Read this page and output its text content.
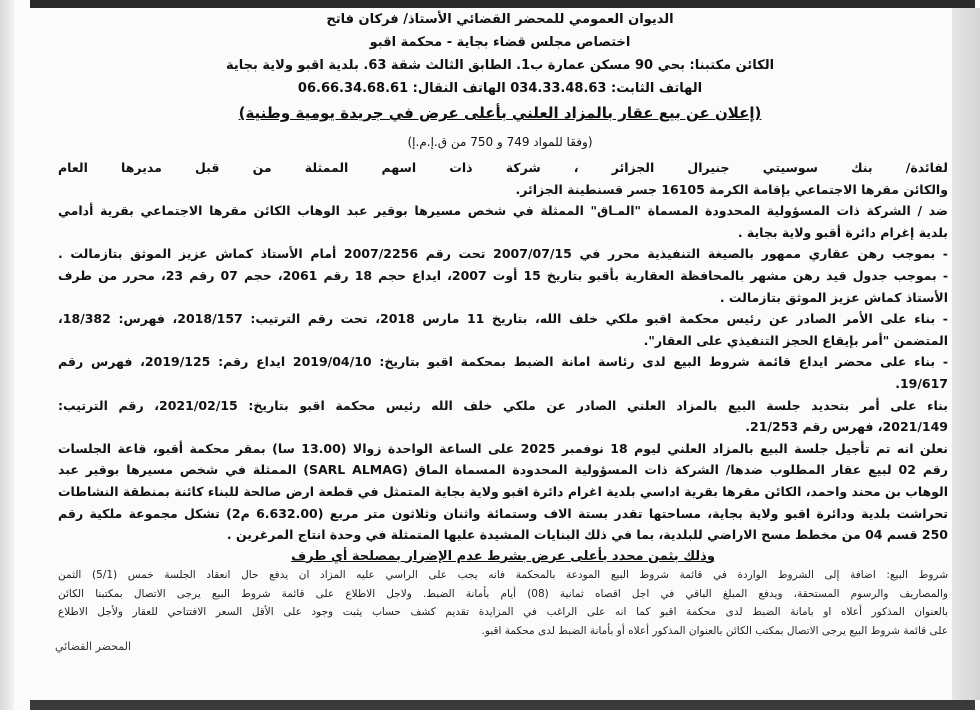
الديوان العمومي للمحضر القضائي الأستاذ/ فركان فاتح
اختصاص مجلس قضاء بجاية - محكمة اقبو
الكائن مكتبنا: بحي 90 مسكن عمارة ب1. الطابق الثالث شقة 63. بلدية اقبو ولاية بجاية
الهاتف الثابت: 034.33.48.63 الهاتف النقال: 06.66.34.68.61
(إعلان عن بيع عقار بالمزاد العلني بأعلى عرض في جريدة يومية وطنية)
(وفقا للمواد 749 و 750 من ق.إ.م.إ)
لفائدة/ بنك سوسيتي جنيرال الجزائر ، شركة ذات اسهم الممثلة من قبل مديرها العام
والكائن مقرها الاجتماعي بإقامة الكرمة 16105 جسر قسنطينة الجزائر.
ضد / الشركة ذات المسؤولية المحدودة المسماة "المـاق" الممثلة في شخص مسيرها بوقير عبد الوهاب الكائن مقرها الاجتماعي بقرية أدامي
بلدية إغرام دائرة أقبو ولاية بجاية .
- بموجب رهن عقاري ممهور بالصيغة التنفيذية محرر في 2007/07/15 تحت رقم 2007/2256 أمام الأستاذ كماش عزيز الموثق بتازمالت .
- بموجب جدول قيد رهن مشهر بالمحافظة العقارية بأقبو بتاريخ 15 أوت 2007، ايداع حجم 18 رقم 2061، حجم 07 رقم 23، محرر من طرف
الأستاذ كماش عزيز الموثق بتازمالت .
- بناء على الأمر الصادر عن رئيس محكمة اقبو ملكي خلف الله، بتاريخ 11 مارس 2018، تحت رقم الترتيب: 2018/157، فهرس: 18/382،
المتضمن "أمر بإيقاع الحجز التنفيذي على العقار".
- بناء على محضر ايداع قائمة شروط البيع لدى رئاسة امانة الضبط بمحكمة اقبو بتاريخ: 2019/04/10 ايداع رقم: 2019/125، فهرس رقم
19/617.
بناء على أمر بتحديد جلسة البيع بالمزاد العلني الصادر عن ملكي خلف الله رئيس محكمة اقبو بتاريخ: 2021/02/15، رقم الترتيب:
2021/149، فهرس رقم 21/253.
نعلن انه تم تأجيل جلسة البيع بالمزاد العلني ليوم 18 نوفمبر 2025 على الساعة الواحدة زوالا (13.00 سا) بمقر محكمة أقبو، قاعة الجلسات
رقم 02 لبيع عقار المطلوب ضدها/ الشركة ذات المسؤولية المحدودة المسماة الماق (SARL ALMAG) الممثلة في شخص مسيرها بوقير عبد
الوهاب بن محند واحمد، الكائن مقرها بقرية اداسي بلدية اغرام دائرة اقبو ولاية بجاية المتمثل في قطعة ارض صالحة للبناء كائنة بمنطقة النشاطات
تحراشت بلدية ودائرة اقبو ولاية بجاية، مساحتها تقدر بستة الاف وستمائة واثنان وثلاثون متر مربع (6.632.00 م2) تشكل مجموعة ملكية رقم
250 قسم 04 من مخطط مسح الاراضي للبلدية، بما في ذلك البنايات المشيدة عليها المتمثلة في وحدة انتاج المرغرين .
وذلك بثمن محدد بأعلى عرض بشرط عدم الإضرار بمصلحة أي طرف
شروط البيع: اضافة إلى الشروط الواردة في قائمة شروط البيع المودعة بالمحكمة فانه يجب على الراسي عليه المزاد ان يدفع حال انعقاد الجلسة خمس (5/1) الثمن
والمصاريف والرسوم المستحقة، ويدفع المبلغ الباقي في اجل اقصاه ثمانية (08) أيام بأمانة الضبط. ولاجل الاطلاع على قائمة شروط البيع يرجى الاتصال بمكتبنا الكائن
بالعنوان المذكور أعلاه او بامانة الضبط لدى محكمة اقبو كما انه على الراغب في المزايدة تقديم كشف حساب يثبت وجود على الأقل السعر الافتتاحي للعقار ولأجل الاطلاع
على قائمة شروط البيع يرجى الاتصال بمكتب الكائن بالعنوان المذكور أعلاه أو بأمانة الضبط لدى محكمة اقبو.
المحضر القضائي
